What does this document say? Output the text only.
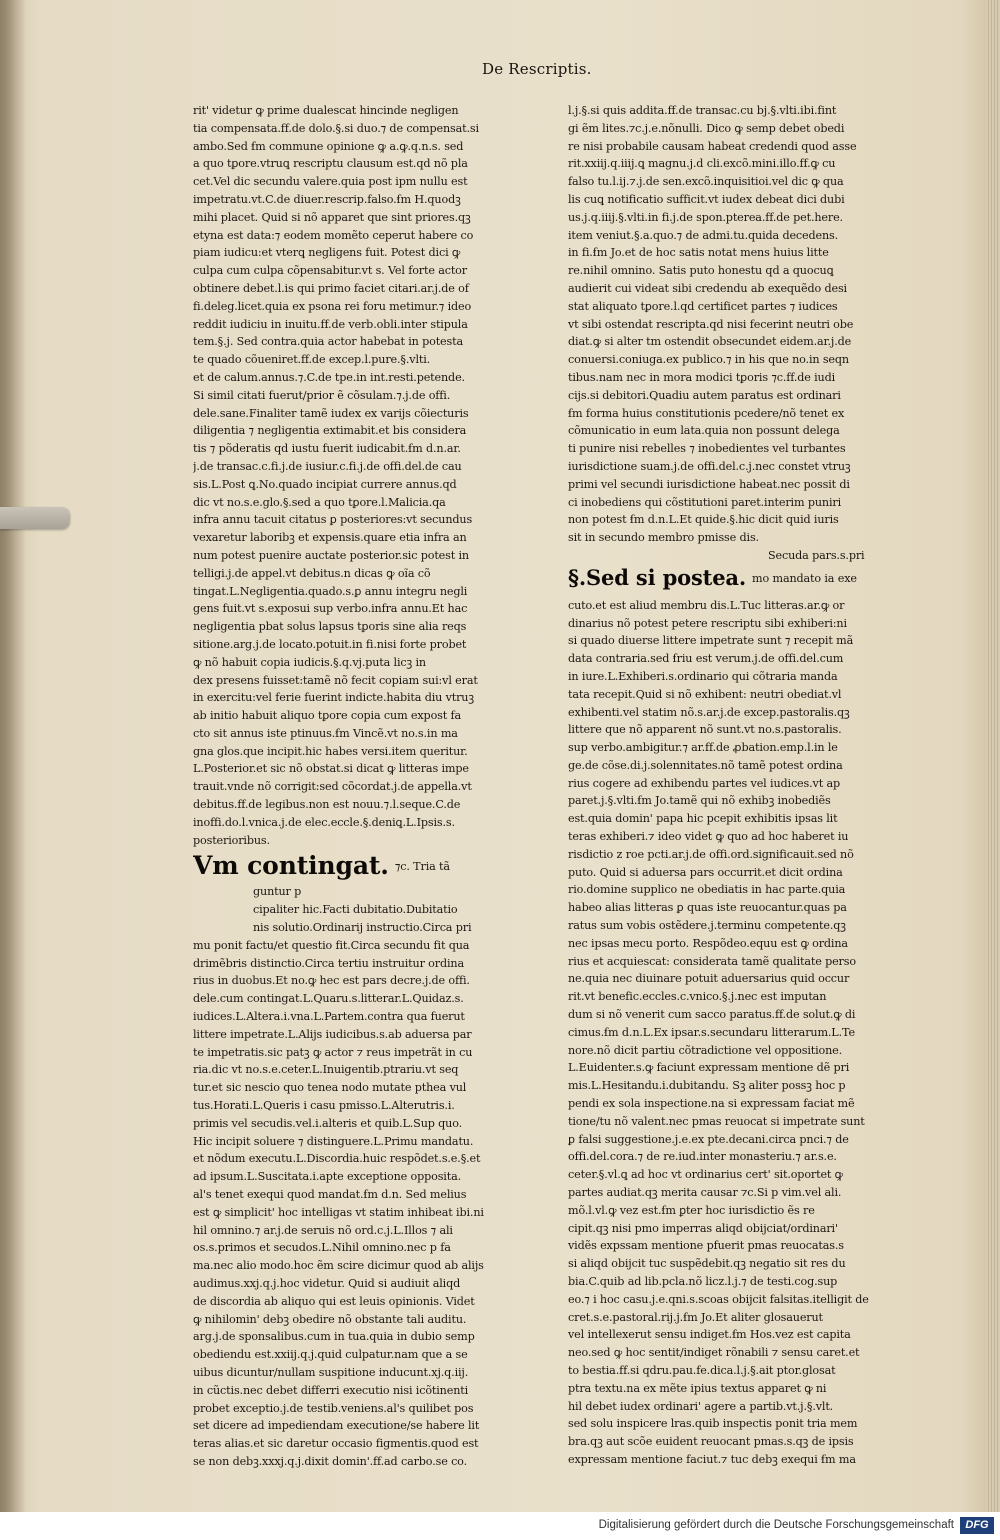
De Rescriptis.
rit' videtur ꝙ prime dualescat hincinde negligen
tia compensata.ff.de dolo.§.si duo.⁊ de compensat.si
ambo.Sed ẜm commune opinione ꝙ a.ꝙ.q.n.s. sed
a quo tꝑore.vtruꝗ rescriptu clausum est.qd nõ pla
cet.Vel dic secundu valere.quia post ipm nullu est
impetratu.vt.C.de diuer.rescrip.falso.ẜm H.quodꝫ
mihi placet. Quid si nõ apparet que sint priores.qꝫ
etyna est data:⁊ eodem momẽto ceperut habere co
piam iudicu:et vterꝗ negligens fuit. Potest dici ꝙ
culpa cum culpa cõpensabitur.vt s. Vel forte actor
obtinere debet.l.is qui primo faciet citari.ar.j.de of
fi.deleg.licet.quia ex psona rei foru metimur.⁊ ideo
reddit iudiciu in inuitu.ff.de verb.obli.inter stipula
tem.§.j. Sed contra.quia actor habebat in potesta
te quado cõueniret.ff.de excep.l.pure.§.vlti.
et de calum.annus.⁊.C.de tpe.in int.resti.petende.
Si simil citati fuerut/prior ẽ cõsulam.⁊.j.de offi.
dele.sane.Finaliter tamẽ iudex ex varijs cõiecturis
diligentia ⁊ negligentia extimabit.et bis considera
tis ⁊ põderatis qd iustu fuerit iudicabit.ẜm d.n.ar.
j.de transac.c.fi.j.de iusiur.c.fi.j.de offi.del.de cau
sis.L.Post ꝗ.No.quado incipiat currere annus.qd
dic vt no.s.e.glo.§.sed a quo tꝑore.l.Malicia.qa
infra annu tacuit citatus ꝑ posteriores:vt secundus
vexaretur laboribꝫ et expensis.quare etia infra an
num potest puenire auctate posterior.sic potest in
telligi.j.de appel.vt debitus.n dicas ꝙ oĩa cõ
tingat.L.Negligentia.quado.s.ꝑ annu integru negli
gens fuit.vt s.exposui sup verbo.infra annu.Et hac
negligentia pbat solus lapsus tꝑoris sine alia reqs
sitione.arg.j.de locato.potuit.in fi.nisi forte probet
ꝙ nõ habuit copia iudicis.§.q.vj.puta licꝫ in
dex presens fuisset:tamẽ nõ fecit copiam sui:vl erat
in exercitu:vel ferie fuerint indicte.habita diu vtruꝫ
ab initio habuit aliquo tꝑore copia cum expost fa
cto sit annus iste ptinuus.ẜm Vincẽ.vt no.s.in ma
gna glos.que incipit.hic habes versi.item queritur.
L.Posterior.et sic nõ obstat.si dicat ꝙ litteras impe
trauit.vnde nõ corrigit:sed cõcordat.j.de appella.vt
debitus.ff.de legibus.non est nouu.⁊.l.seque.C.de
inoffi.do.l.vnica.j.de elec.eccle.§.deniꝗ.L.Ipsis.s.
posterioribus.
Vm contingat. ⁊c. Tria tã
guntur p
cipaliter hic.Facti dubitatio.Dubitatio
nis solutio.Ordinarij instructio.Circa pri
mu ponit factu/et questio fit.Circa secundu fit qua
drimẽbris distinctio.Circa tertiu instruitur ordina
rius in duobus.Et no.ꝙ hec est pars decre.j.de offi.
dele.cum contingat.L.Quaru.s.litterar.L.Quidaz.s.
iudices.L.Altera.i.vna.L.Partem.contra qua fuerut
littere impetrate.L.Alijs iudicibus.s.ab aduersa par
te impetratis.sic patꝫ ꝙ actor ⁊ reus impetrãt in cu
ria.dic vt no.s.e.ceter.L.Inuigentib.ptrariu.vt seq
tur.et sic nescio quo tenea nodo mutate pthea vul
tus.Horati.L.Queris i casu pmisso.L.Alterutris.i.
primis vel secudis.vel.i.alteris et quib.L.Sup quo.
Hic incipit soluere ⁊ distinguere.L.Primu mandatu.
et nõdum executu.L.Discordia.huic respõdet.s.e.§.et
ad ipsum.L.Suscitata.i.apte exceptione opposita.
al's tenet exequi quod mandat.ẜm d.n. Sed melius
est ꝙ simplicit' hoc intelligas vt statim inhibeat ibi.ni
hil omnino.⁊ ar.j.de seruis nõ ord.c.j.L.Illos ⁊ ali
os.s.primos et secudos.L.Nihil omnino.nec p fa
ma.nec alio modo.hoc ẽm scire dicimur quod ab alijs
audimus.xxj.q.j.hoc videtur. Quid si audiuit aliqd
de discordia ab aliquo qui est leuis opinionis. Videt
ꝙ nihilomin' debꝫ obedire nõ obstante tali auditu.
arg.j.de sponsalibus.cum in tua.quia in dubio semp
obediendu est.xxiij.q.j.quid culpatur.nam que a se
uibus dicuntur/nullam suspitione inducunt.xj.q.iij.
in cũctis.nec debet differri executio nisi icõtinenti
probet exceptio.j.de testib.veniens.al's quilibet pos
set dicere ad impediendam executione/se habere lit
teras alias.et sic daretur occasio figmentis.quod est
se non debꝫ.xxxj.q.j.dixit domin'.ff.ad carbo.se co.
l.j.§.si quis addita.ff.de transac.cu bj.§.vlti.ibi.fint
gi ẽm lites.⁊c.j.e.nõnulli. Dico ꝙ semp debet obedi
re nisi probabile causam habeat credendi quod asse
rit.xxiij.q.iiij.ꝗ magnu.j.d cli.excõ.mini.illo.ff.ꝙ cu
falso tu.l.ij.⁊.j.de sen.excõ.inquisitioi.vel dic ꝙ qua
lis cuꝗ notificatio sufficit.vt iudex debeat dici dubi
us.j.q.iiij.§.vlti.in fi.j.de spon.ptereа.ff.de pet.here.
item veniut.§.a.quo.⁊ de admi.tu.quida decedens.
in fi.ẜm Jo.et de hoc satis notat mens huius litte
re.nihil omnino. Satis puto honestu qd a quocuꝗ
audierit cui videat sibi credendu ab exequẽdo desi
stat aliquato tꝑore.l.qd certificet partes ⁊ iudices
vt sibi ostendat rescripta.qd nisi fecerint neutri obe
diat.ꝙ si alter tm ostendit obsecundet eidem.ar.j.de
conuersi.coniuga.ex publico.⁊ in his que no.in seqn
tibus.nam nec in mora modici tꝑoris ⁊c.ff.de iudi
cijs.si debitori.Quadiu autem paratus est ordinari
ẜm forma huius constitutionis pcedere/nõ tenet ex
cõmunicatio in eum lata.quia non possunt delega
ti punire nisi rebelles ⁊ inobedientes vel turbantes
iurisdictione suam.j.de offi.del.c.j.nec constet vtruꝫ
primi vel secundi iurisdictione habeat.nec possit di
ci inobediens qui cõstitutioni paret.interim puniri
non potest ẜm d.n.L.Et quide.§.hic dicit quid iuris
sit in secundo membro pmisse dis.
Secuda pars.s.pri
§.Sed si postea. mo mandato ia exe
cuto.et est aliud membru dis.L.Tuc litteras.ar.ꝙ or
dinarius nõ potest petere rescriptu sibi exhiberi:ni
si quado diuerse littere impetrate sunt ⁊ recepit mã
data contraria.sed ẜriu est verum.j.de offi.del.cum
in iure.L.Exhiberi.s.ordinario qui cõtraria manda
tata recepit.Quid si nõ exhibent: neutri obediat.vl
exhibenti.vel statim nõ.s.ar.j.de excep.pastoralis.qꝫ
littere que nõ apparent nõ sunt.vt no.s.pastoralis.
sup verbo.ambigitur.⁊ ar.ff.de ꝓbation.emp.l.in le
ge.de cõse.di.j.solennitates.nõ tamẽ potest ordina
rius cogere ad exhibendu partes vel iudices.vt ap
paret.j.§.vlti.ẜm Jo.tamẽ qui nõ exhibꝫ inobediẽs
est.quia domin' papa hic pcepit exhibitis ipsas lit
teras exhiberi.⁊ ideo videt ꝙ quo ad hoc haberet iu
risdictio z roe pcti.ar.j.de offi.ord.significauit.sed nõ
puto. Quid si aduersa pars occurrit.et dicit ordina
rio.domine supplico ne obediatis in hac parte.quia
habeo alias litteras ꝑ quas iste reuocantur.quas pa
ratus sum vobis ostẽdere.j.terminu competente.qꝫ
nec ipsas mecu porto. Respõdeo.equu est ꝙ ordina
rius et acquiescat: considerata tamẽ qualitate perso
ne.quia nec diuinare potuit aduersarius quid occur
rit.vt benefic.eccles.c.vnico.§.j.nec est imputan
dum si nõ venerit cum sacco paratus.ff.de solut.ꝙ di
cimus.ẜm d.n.L.Ex ipsar.s.secundaru litterarum.L.Te
nore.nõ dicit partiu cõtradictione vel oppositione.
L.Euidenter.s.ꝙ faciunt expressam mentione dẽ pri
mis.L.Hesitandu.i.dubitandu. Sꝫ aliter possꝫ hoc p
pendi ex sola inspectione.na si expressam faciat mẽ
tione/tu nõ valent.nec pmas reuocat si impetrate sunt
ꝑ falsi suggestione.j.e.ex pte.decani.circa pnci.⁊ de
offi.del.cora.⁊ de re.iud.inter monasteriu.⁊ ar.s.e.
ceter.§.vl.ꝗ ad hoc vt ordinarius cert' sit.oportet ꝙ
partes audiat.qꝫ merita causar ⁊c.Si p vim.vel ali.
mõ.l.vl.ꝙ vez est.ẜm ꝑter hoc iurisdictio ẽs re
cipit.qꝫ nisi pmo imperras aliqd obijciat/ordinari'
vidẽs expssam mentione pfuerit pmas reuocatas.s
si aliqd obijcit tuc suspẽdebit.qꝫ negatio sit res du
bia.C.quib ad lib.pcla.nõ licz.l.j.⁊ de testi.cog.sup
eo.⁊ i hoc casu.j.e.qni.s.scoas obijcit falsitas.itelligit de
cret.s.e.pastoral.rij.j.ẜm Jo.Et aliter glosauerut
vel intellexerut sensu indiget.ẜm Hos.vez est capita
neo.sed ꝙ hoc sentit/indiget rõnabili ⁊ sensu caret.et
to bestia.ff.si qdru.pau.fe.dica.l.j.§.ait ptor.glosat
ptra textu.na ex mẽte ipius textus apparet ꝙ ni
hil debet iudex ordinari' agere a partib.vt.j.§.vlt.
sed solu inspicere lras.quib inspectis ponit tria mem
bra.qꝫ aut scõe euident reuocant pmas.s.qꝫ de ipsis
expressam mentione faciut.⁊ tuc debꝫ exequi ẜm ma
Digitalisierung gefördert durch die Deutsche Forschungsgemeinschaft	DFG
